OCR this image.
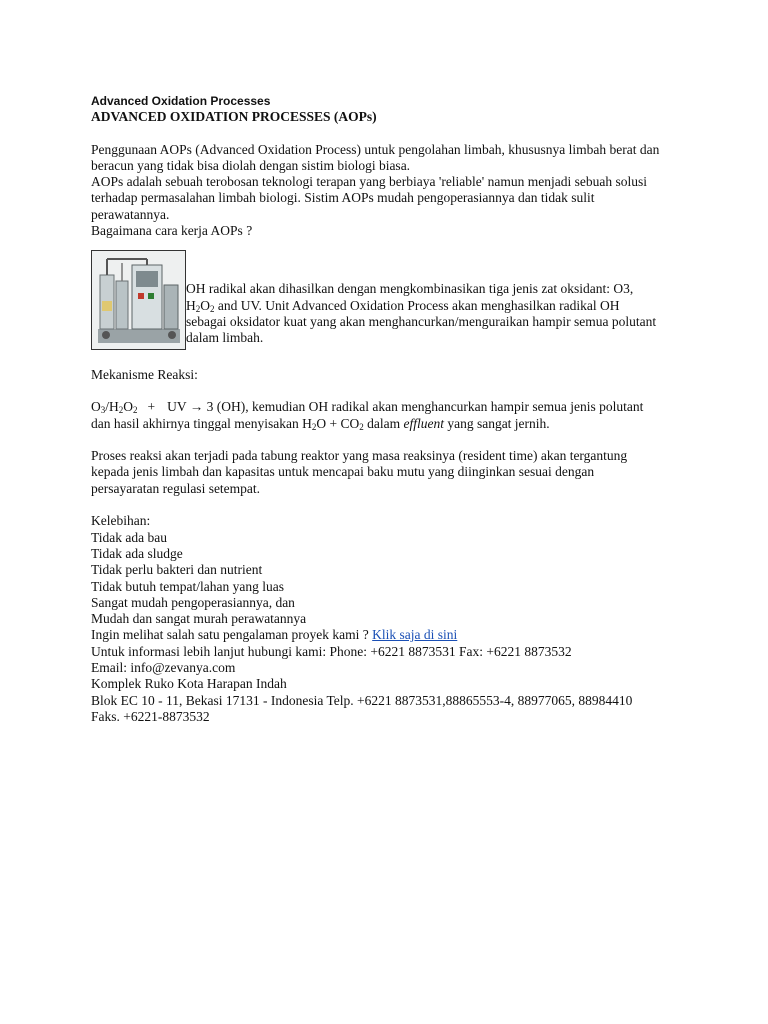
Advanced Oxidation Processes
ADVANCED OXIDATION PROCESSES (AOPs)

Penggunaan AOPs (Advanced Oxidation Process) untuk pengolahan limbah, khususnya limbah berat dan

beracun yang tidak bisa diolah dengan sistim biologi biasa.

AOPs adalah sebuah terobosan teknologi terapan yang berbiaya 'reliable' namun menjadi sebuah solusi

terhadap permasalahan limbah biologi. Sistim AOPs mudah pengoperasiannya dan tidak sulit

perawatannya.

Bagaimana cara kerja AOPs ?

OH radikal akan dihasilkan dengan mengkombinasikan tiga jenis zat oksidant: O3,

$H_2O_2$ and UV. Unit Advanced Oxidation Process akan menghasilkan radikal OH

sebagai oksidator kuat yang akan menghancurkan/menguraikan hampir semua polutant

dalam limbah.

Mekanisme Reaksi:

$O_3/H_2O_2$ + UV → 3 (OH), kemudian OH radikal akan menghancurkan hampir semua jenis polutant

dan hasil akhirnya tinggal menyisakan $H_2O + CO_2$ dalam effluent yang sangat jernih.

Proses reaksi akan terjadi pada tabung reaktor yang masa reaksinya (resident time) akan tergantung

kepada jenis limbah dan kapasitas untuk mencapai baku mutu yang diinginkan sesuai dengan

persayaratan regulasi setempat.

Kelebihan:

Tidak ada bau

Tidak ada sludge

Tidak perlu bakteri dan nutrient

Tidak butuh tempat/lahan yang luas

Sangat mudah pengoperasiannya, dan

Mudah dan sangat murah perawatannya

Ingin melihat salah satu pengalaman proyek kami ? Klik saja di sini

Untuk informasi lebih lanjut hubungi kami: Phone: +6221 8873531 Fax: +6221 8873532

Email: info@zevanya.com

Komplek Ruko Kota Harapan Indah

Blok EC 10 - 11, Bekasi 17131 - Indonesia Telp. +6221 8873531,88865553-4, 88977065, 88984410

Faks. +6221-8873532
